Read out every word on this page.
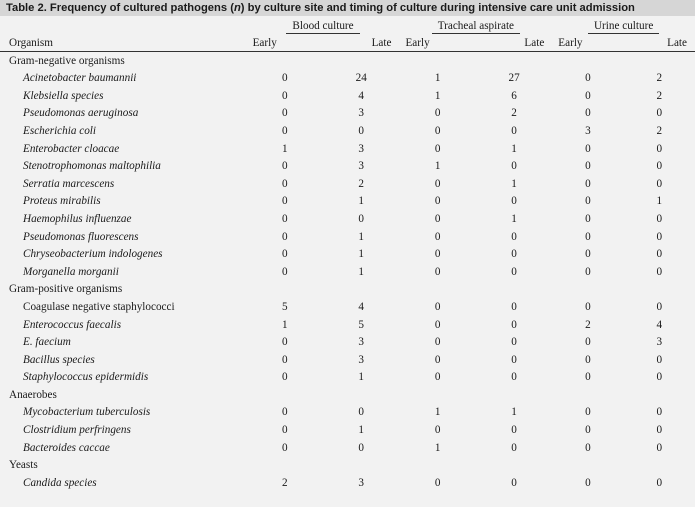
Table 2. Frequency of cultured pathogens (n) by culture site and timing of culture during intensive care unit admission
	Blood culture		Tracheal aspirate		Urine culture	
Organism	Early	Late	Early	Late	Early	Late
Gram-negative organisms						
Acinetobacter baumannii	0	24	1	27	0	2
Klebsiella species	0	4	1	6	0	2
Pseudomonas aeruginosa	0	3	0	2	0	0
Escherichia coli	0	0	0	0	3	2
Enterobacter cloacae	1	3	0	1	0	0
Stenotrophomonas maltophilia	0	3	1	0	0	0
Serratia marcescens	0	2	0	1	0	0
Proteus mirabilis	0	1	0	0	0	1
Haemophilus influenzae	0	0	0	1	0	0
Pseudomonas fluorescens	0	1	0	0	0	0
Chryseobacterium indologenes	0	1	0	0	0	0
Morganella morganii	0	1	0	0	0	0
Gram-positive organisms						
Coagulase negative staphylococci	5	4	0	0	0	0
Enterococcus faecalis	1	5	0	0	2	4
E. faecium	0	3	0	0	0	3
Bacillus species	0	3	0	0	0	0
Staphylococcus epidermidis	0	1	0	0	0	0
Anaerobes						
Mycobacterium tuberculosis	0	0	1	1	0	0
Clostridium perfringens	0	1	0	0	0	0
Bacteroides caccae	0	0	1	0	0	0
Yeasts						
Candida species	2	3	0	0	0	0
